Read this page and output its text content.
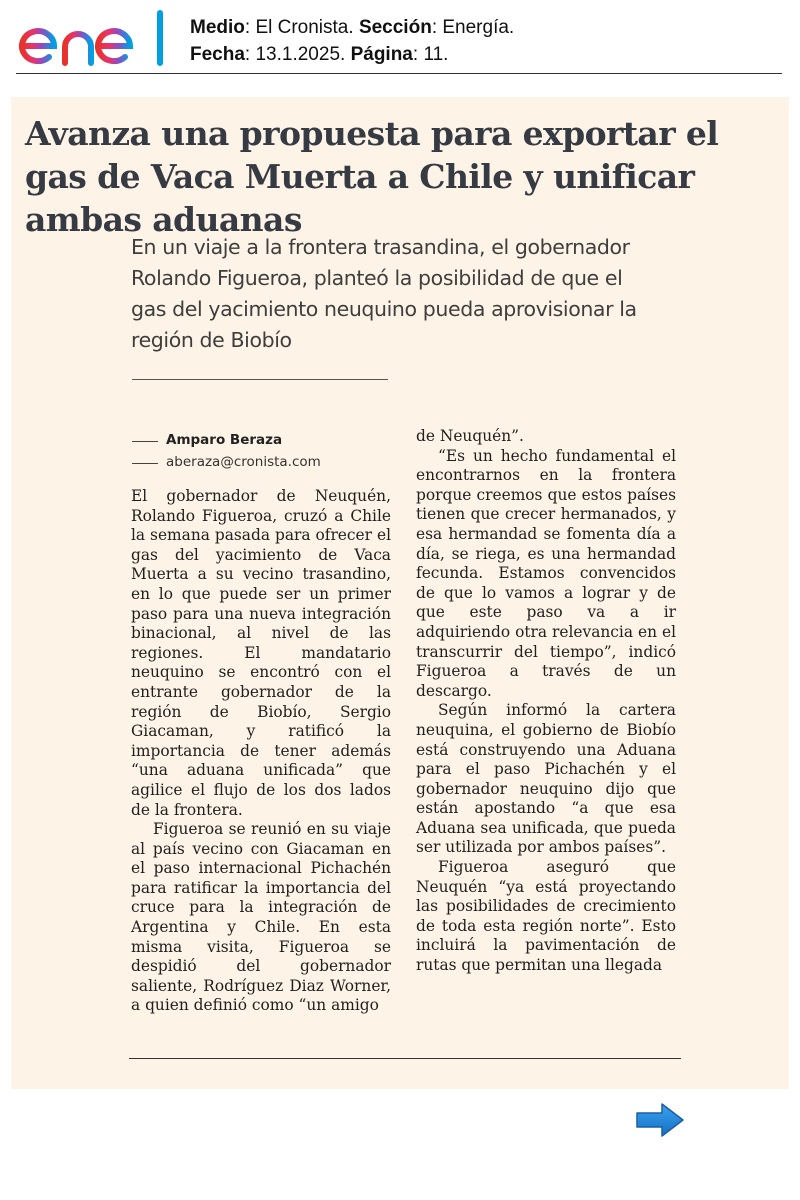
Medio: El Cronista. Sección: Energía.
Fecha: 13.1.2025. Página: 11.
Avanza una propuesta para exportar el gas de Vaca Muerta a Chile y unificar ambas aduanas

En un viaje a la frontera trasandina, el gobernador Rolando Figueroa, planteó la posibilidad de que el gas del yacimiento neuquino pueda aprovisionar la región de Biobío

Amparo Beraza
aberaza@cronista.com

El gobernador de Neuquén, Rolando Figueroa, cruzó a Chile la semana pasada para ofrecer el gas del yacimiento de Vaca Muerta a su vecino trasandino, en lo que puede ser un primer paso para una nueva integración binacional, al nivel de las regiones. El mandatario neuquino se encontró con el entrante gobernador de la región de Biobío, Sergio Giacaman, y ratificó la importancia de tener además “una aduana unificada” que agilice el flujo de los dos lados de la frontera.

Figueroa se reunió en su viaje al país vecino con Giacaman en el paso internacional Pichachén para ratificar la importancia del cruce para la integración de Argentina y Chile. En esta misma visita, Figueroa se despidió del gobernador saliente, Rodríguez Diaz Worner, a quien definió como “un amigo

de Neuquén”.

“Es un hecho fundamental el encontrarnos en la frontera porque creemos que estos países tienen que crecer hermanados, y esa hermandad se fomenta día a día, se riega, es una hermandad fecunda. Estamos convencidos de que lo vamos a lograr y de que este paso va a ir adquiriendo otra relevancia en el transcurrir del tiempo”, indicó Figueroa a través de un descargo.

Según informó la cartera neuquina, el gobierno de Biobío está construyendo una Aduana para el paso Pichachén y el gobernador neuquino dijo que están apostando “a que esa Aduana sea unificada, que pueda ser utilizada por ambos países”.

Figueroa aseguró que Neuquén “ya está proyectando las posibilidades de crecimiento de toda esta región norte”. Esto incluirá la pavimentación de rutas que permitan una llegada
